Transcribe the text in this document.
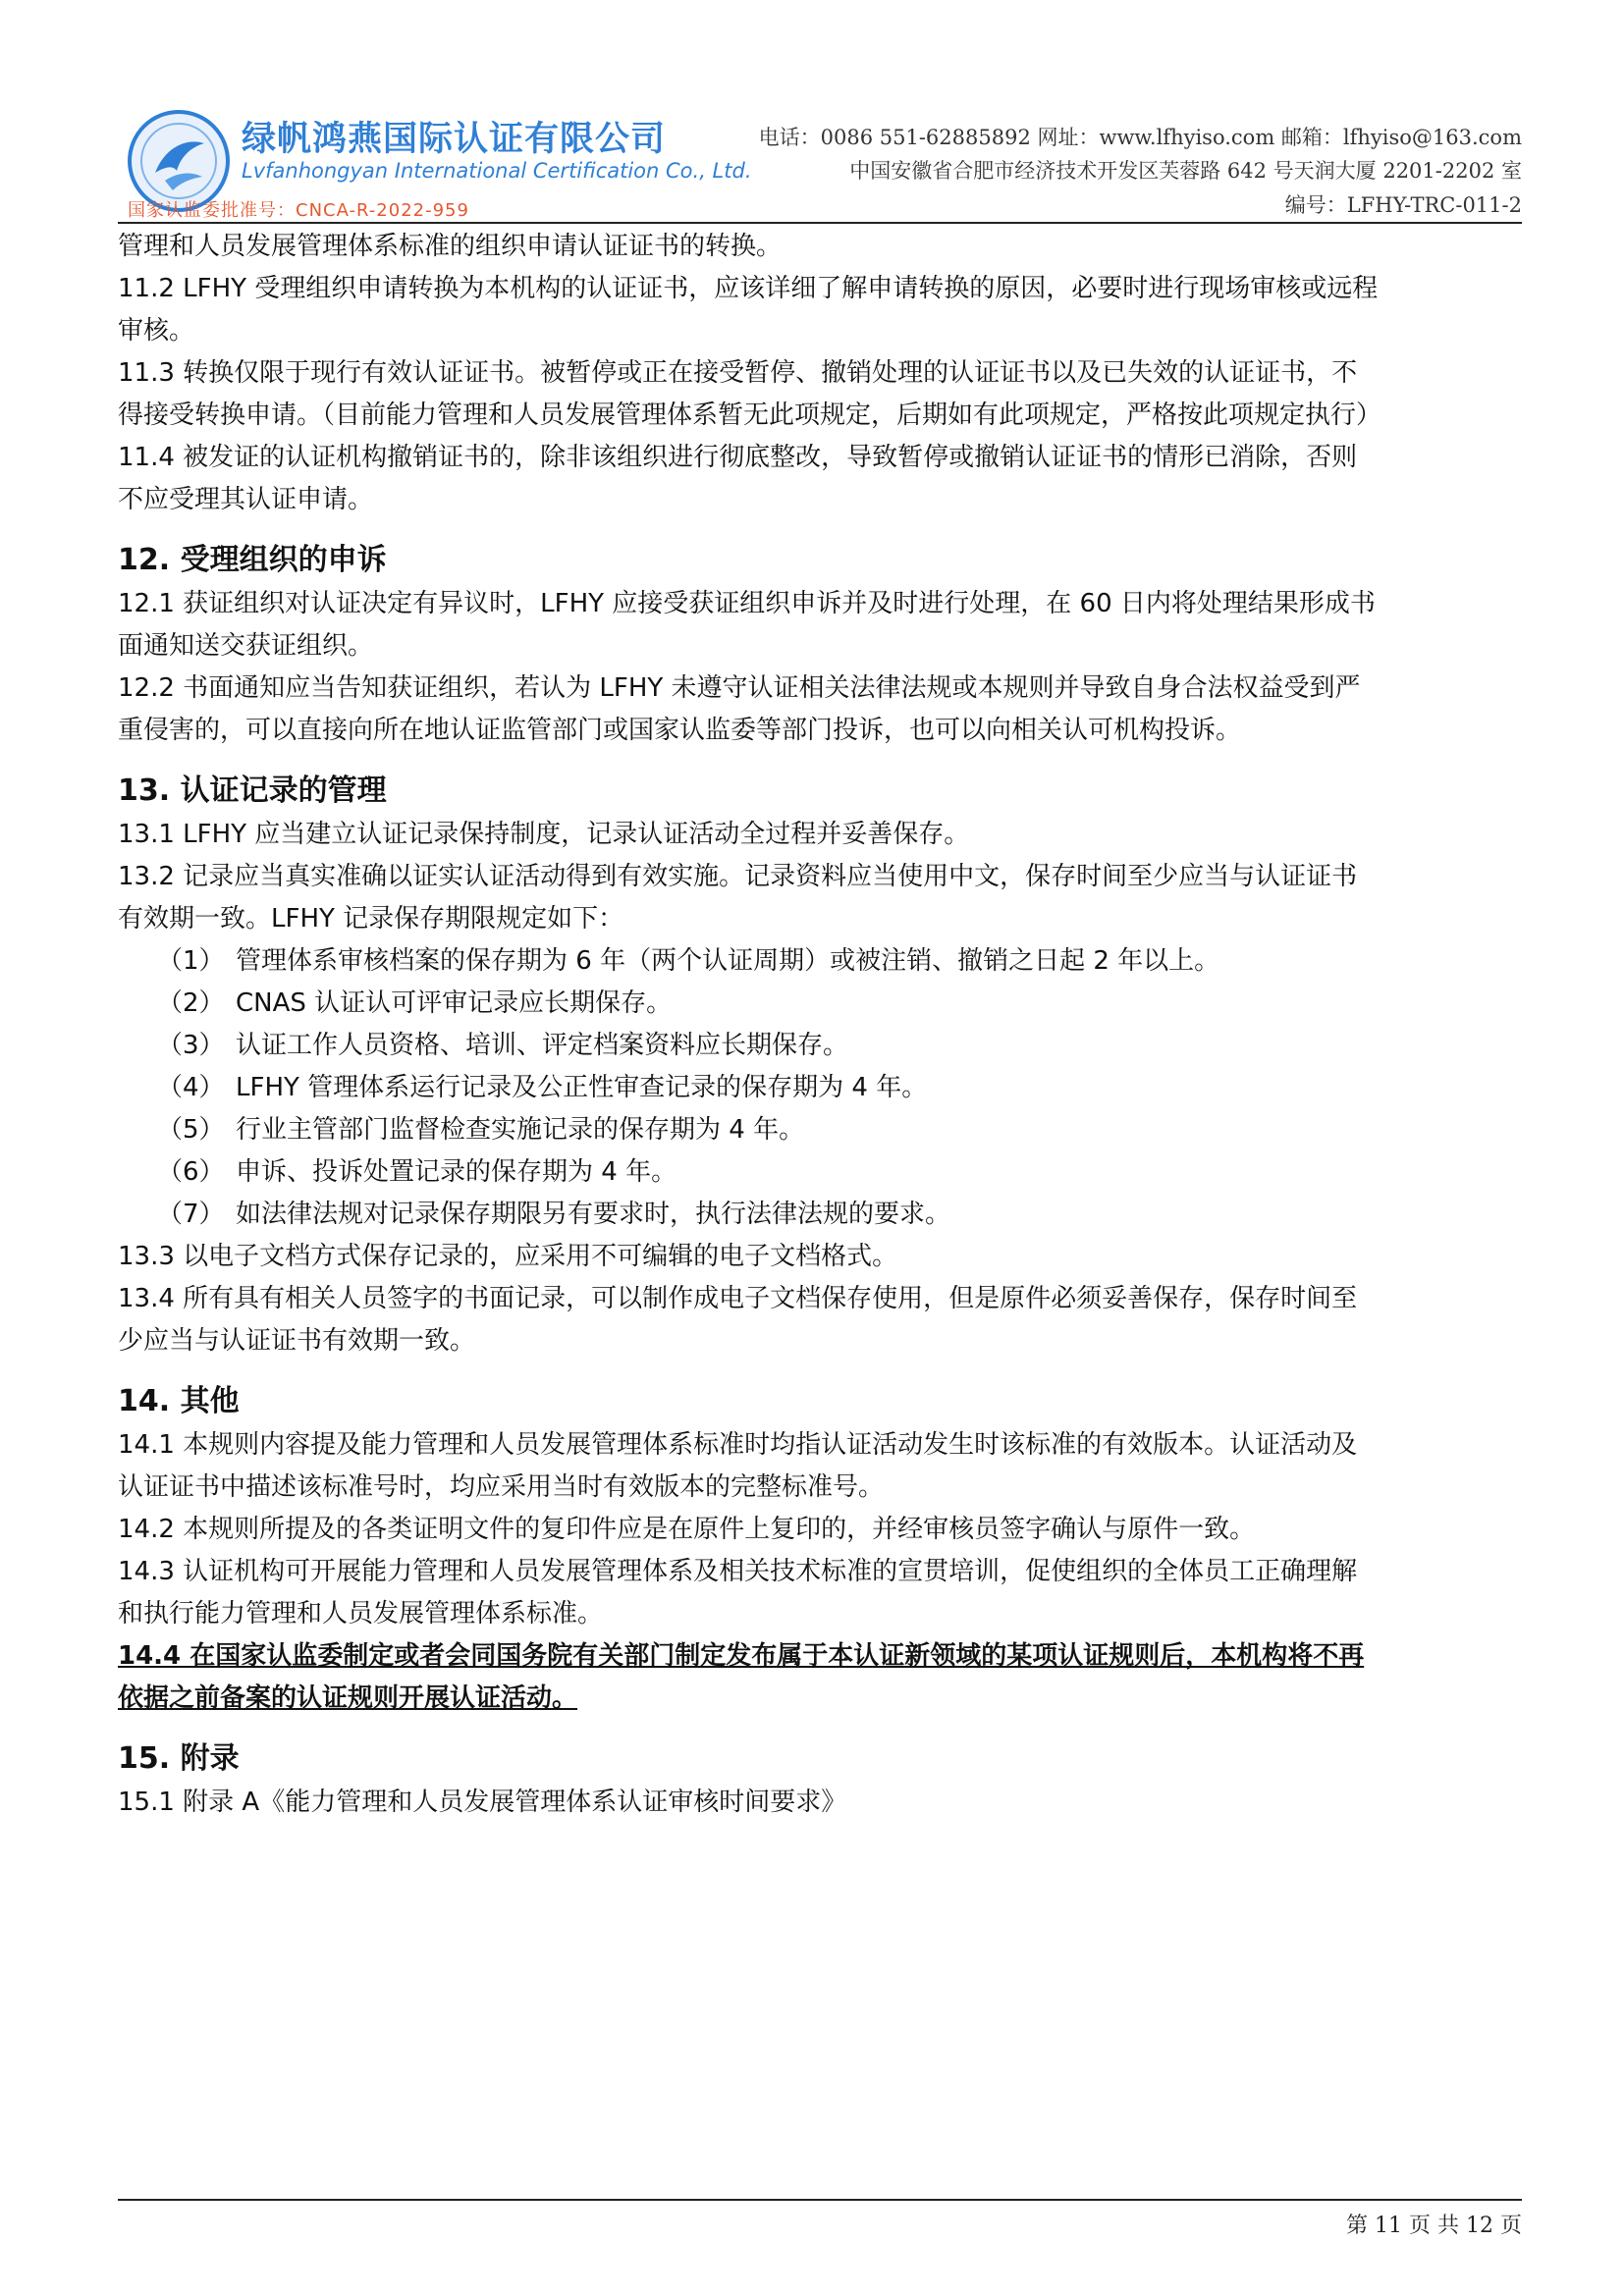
绿帆鸿燕国际认证有限公司
Lvfanhongyan International Certification Co., Ltd.
国家认监委批准号：CNCA-R-2022-959
电话：0086 551-62885892 网址：www.lfhyiso.com 邮箱：lfhyiso@163.com
中国安徽省合肥市经济技术开发区芙蓉路 642 号天润大厦 2201-2202 室
编号：LFHY-TRC-011-2

管理和人员发展管理体系标准的组织申请认证证书的转换。

11.2 LFHY 受理组织申请转换为本机构的认证证书，应该详细了解申请转换的原因，必要时进行现场审核或远程

审核。

11.3 转换仅限于现行有效认证证书。被暂停或正在接受暂停、撤销处理的认证证书以及已失效的认证证书，不

得接受转换申请。（目前能力管理和人员发展管理体系暂无此项规定，后期如有此项规定，严格按此项规定执行）

11.4 被发证的认证机构撤销证书的，除非该组织进行彻底整改，导致暂停或撤销认证证书的情形已消除，否则

不应受理其认证申请。

12. 受理组织的申诉

12.1 获证组织对认证决定有异议时，LFHY 应接受获证组织申诉并及时进行处理，在 60 日内将处理结果形成书

面通知送交获证组织。

12.2 书面通知应当告知获证组织，若认为 LFHY 未遵守认证相关法律法规或本规则并导致自身合法权益受到严

重侵害的，可以直接向所在地认证监管部门或国家认监委等部门投诉，也可以向相关认可机构投诉。

13. 认证记录的管理

13.1 LFHY 应当建立认证记录保持制度，记录认证活动全过程并妥善保存。

13.2 记录应当真实准确以证实认证活动得到有效实施。记录资料应当使用中文，保存时间至少应当与认证证书

有效期一致。LFHY 记录保存期限规定如下：

（1） 管理体系审核档案的保存期为 6 年（两个认证周期）或被注销、撤销之日起 2 年以上。
（2） CNAS 认证认可评审记录应长期保存。
（3） 认证工作人员资格、培训、评定档案资料应长期保存。
（4） LFHY 管理体系运行记录及公正性审查记录的保存期为 4 年。
（5） 行业主管部门监督检查实施记录的保存期为 4 年。
（6） 申诉、投诉处置记录的保存期为 4 年。
（7） 如法律法规对记录保存期限另有要求时，执行法律法规的要求。

13.3 以电子文档方式保存记录的，应采用不可编辑的电子文档格式。

13.4 所有具有相关人员签字的书面记录，可以制作成电子文档保存使用，但是原件必须妥善保存，保存时间至

少应当与认证证书有效期一致。

14. 其他

14.1 本规则内容提及能力管理和人员发展管理体系标准时均指认证活动发生时该标准的有效版本。认证活动及

认证证书中描述该标准号时，均应采用当时有效版本的完整标准号。

14.2 本规则所提及的各类证明文件的复印件应是在原件上复印的，并经审核员签字确认与原件一致。

14.3 认证机构可开展能力管理和人员发展管理体系及相关技术标准的宣贯培训，促使组织的全体员工正确理解

和执行能力管理和人员发展管理体系标准。

14.4 在国家认监委制定或者会同国务院有关部门制定发布属于本认证新领域的某项认证规则后，本机构将不再

依据之前备案的认证规则开展认证活动。

15. 附录

15.1 附录 A《能力管理和人员发展管理体系认证审核时间要求》

第 11 页 共 12 页
